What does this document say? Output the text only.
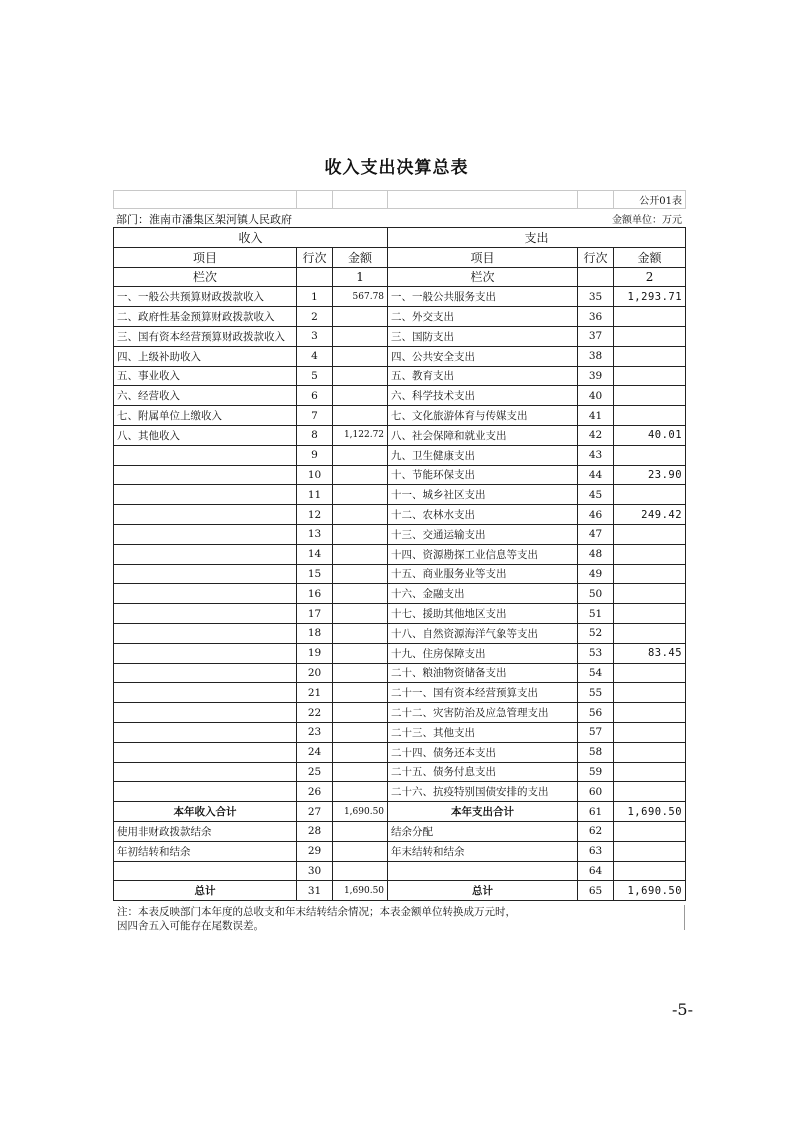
收入支出决算总表
					公开01表
部门：淮南市潘集区架河镇人民政府	金额单位：万元
收入			支出		
项目	行次	金额	项目	行次	金额
栏次		1	栏次		2
一、一般公共预算财政拨款收入	1	567.78	一、一般公共服务支出	35	1,293.71
二、政府性基金预算财政拨款收入	2		二、外交支出	36	
三、国有资本经营预算财政拨款收入	3		三、国防支出	37	
四、上级补助收入	4		四、公共安全支出	38	
五、事业收入	5		五、教育支出	39	
六、经营收入	6		六、科学技术支出	40	
七、附属单位上缴收入	7		七、文化旅游体育与传媒支出	41	
八、其他收入	8	1,122.72	八、社会保障和就业支出	42	40.01
	9		九、卫生健康支出	43	
	10		十、节能环保支出	44	23.90
	11		十一、城乡社区支出	45	
	12		十二、农林水支出	46	249.42
	13		十三、交通运输支出	47	
	14		十四、资源勘探工业信息等支出	48	
	15		十五、商业服务业等支出	49	
	16		十六、金融支出	50	
	17		十七、援助其他地区支出	51	
	18		十八、自然资源海洋气象等支出	52	
	19		十九、住房保障支出	53	83.45
	20		二十、粮油物资储备支出	54	
	21		二十一、国有资本经营预算支出	55	
	22		二十二、灾害防治及应急管理支出	56	
	23		二十三、其他支出	57	
	24		二十四、债务还本支出	58	
	25		二十五、债务付息支出	59	
	26		二十六、抗疫特别国债安排的支出	60	
本年收入合计	27	1,690.50	本年支出合计	61	1,690.50
使用非财政拨款结余	28		结余分配	62	
年初结转和结余	29		年末结转和结余	63	
	30			64	
总计	31	1,690.50	总计	65	1,690.50
注：本表反映部门本年度的总收支和年末结转结余情况；本表金额单位转换成万元时，
因四舍五入可能存在尾数误差。
-5-
